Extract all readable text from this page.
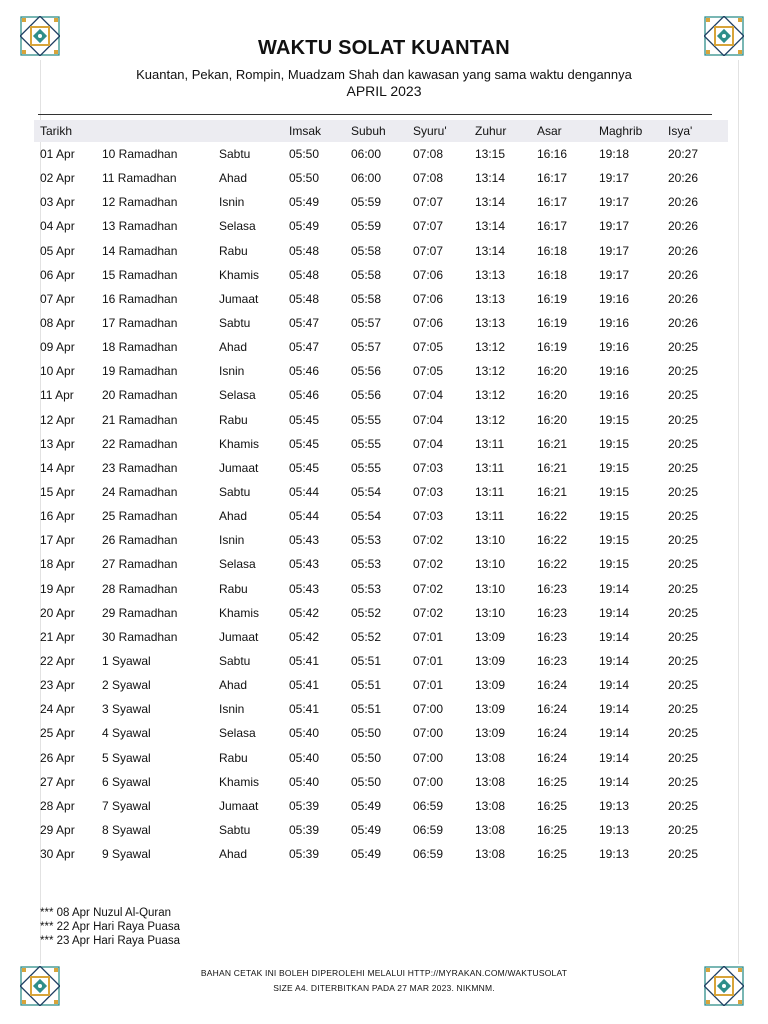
WAKTU SOLAT KUANTAN
Kuantan, Pekan, Rompin, Muadzam Shah dan kawasan yang sama waktu dengannya
APRIL 2023
Tarikh			Imsak	Subuh	Syuru'	Zuhur	Asar	Maghrib	Isya'
01 Apr	10 Ramadhan	Sabtu	05:50	06:00	07:08	13:15	16:16	19:18	20:27
02 Apr	11 Ramadhan	Ahad	05:50	06:00	07:08	13:14	16:17	19:17	20:26
03 Apr	12 Ramadhan	Isnin	05:49	05:59	07:07	13:14	16:17	19:17	20:26
04 Apr	13 Ramadhan	Selasa	05:49	05:59	07:07	13:14	16:17	19:17	20:26
05 Apr	14 Ramadhan	Rabu	05:48	05:58	07:07	13:14	16:18	19:17	20:26
06 Apr	15 Ramadhan	Khamis	05:48	05:58	07:06	13:13	16:18	19:17	20:26
07 Apr	16 Ramadhan	Jumaat	05:48	05:58	07:06	13:13	16:19	19:16	20:26
08 Apr	17 Ramadhan	Sabtu	05:47	05:57	07:06	13:13	16:19	19:16	20:26
09 Apr	18 Ramadhan	Ahad	05:47	05:57	07:05	13:12	16:19	19:16	20:25
10 Apr	19 Ramadhan	Isnin	05:46	05:56	07:05	13:12	16:20	19:16	20:25
11 Apr	20 Ramadhan	Selasa	05:46	05:56	07:04	13:12	16:20	19:16	20:25
12 Apr	21 Ramadhan	Rabu	05:45	05:55	07:04	13:12	16:20	19:15	20:25
13 Apr	22 Ramadhan	Khamis	05:45	05:55	07:04	13:11	16:21	19:15	20:25
14 Apr	23 Ramadhan	Jumaat	05:45	05:55	07:03	13:11	16:21	19:15	20:25
15 Apr	24 Ramadhan	Sabtu	05:44	05:54	07:03	13:11	16:21	19:15	20:25
16 Apr	25 Ramadhan	Ahad	05:44	05:54	07:03	13:11	16:22	19:15	20:25
17 Apr	26 Ramadhan	Isnin	05:43	05:53	07:02	13:10	16:22	19:15	20:25
18 Apr	27 Ramadhan	Selasa	05:43	05:53	07:02	13:10	16:22	19:15	20:25
19 Apr	28 Ramadhan	Rabu	05:43	05:53	07:02	13:10	16:23	19:14	20:25
20 Apr	29 Ramadhan	Khamis	05:42	05:52	07:02	13:10	16:23	19:14	20:25
21 Apr	30 Ramadhan	Jumaat	05:42	05:52	07:01	13:09	16:23	19:14	20:25
22 Apr	1 Syawal	Sabtu	05:41	05:51	07:01	13:09	16:23	19:14	20:25
23 Apr	2 Syawal	Ahad	05:41	05:51	07:01	13:09	16:24	19:14	20:25
24 Apr	3 Syawal	Isnin	05:41	05:51	07:00	13:09	16:24	19:14	20:25
25 Apr	4 Syawal	Selasa	05:40	05:50	07:00	13:09	16:24	19:14	20:25
26 Apr	5 Syawal	Rabu	05:40	05:50	07:00	13:08	16:24	19:14	20:25
27 Apr	6 Syawal	Khamis	05:40	05:50	07:00	13:08	16:25	19:14	20:25
28 Apr	7 Syawal	Jumaat	05:39	05:49	06:59	13:08	16:25	19:13	20:25
29 Apr	8 Syawal	Sabtu	05:39	05:49	06:59	13:08	16:25	19:13	20:25
30 Apr	9 Syawal	Ahad	05:39	05:49	06:59	13:08	16:25	19:13	20:25
*** 08 Apr Nuzul Al-Quran
*** 22 Apr Hari Raya Puasa
*** 23 Apr Hari Raya Puasa
BAHAN CETAK INI BOLEH DIPEROLEHI MELALUI HTTP://MYRAKAN.COM/WAKTUSOLAT
SIZE A4. DITERBITKAN PADA 27 MAR 2023. NIKMNM.
